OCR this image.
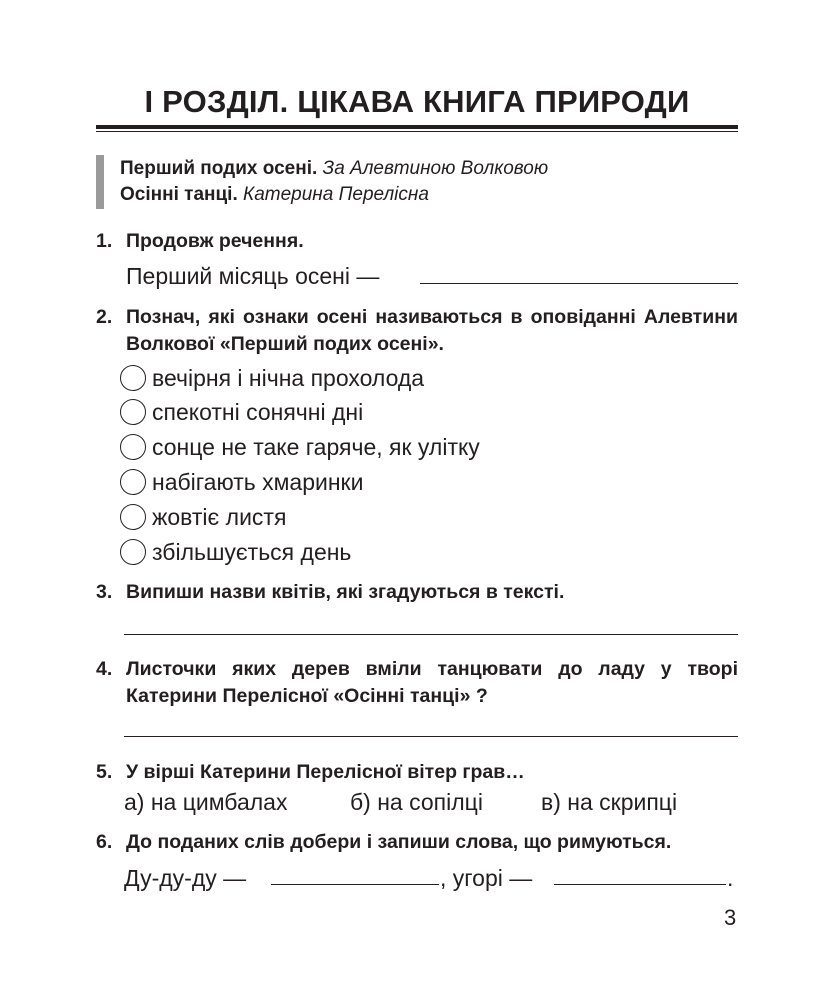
І РОЗДІЛ. ЦІКАВА КНИГА ПРИРОДИ
Перший подих осені. За Алевтиною Волковою
Осінні танці. Катерина Перелісна
1. Продовж речення.
Перший місяць осені —
2. Познач, які ознаки осені називаються в оповіданні Алевтини Волкової «Перший подих осені».
вечірня і нічна прохолода
спекотні сонячні дні
сонце не таке гаряче, як улітку
набігають хмаринки
жовтіє листя
збільшується день
3. Випиши назви квітів, які згадуються в тексті.
4. Листочки яких дерев вміли танцювати до ладу у творі Катерини Перелісної «Осінні танці» ?
5. У вірші Катерини Перелісної вітер грав…
а) на цимбалах	б) на сопілці	в) на скрипці
6. До поданих слів добери і запиши слова, що римуються.
Ду-ду-ду —	, угорі —	.
3
